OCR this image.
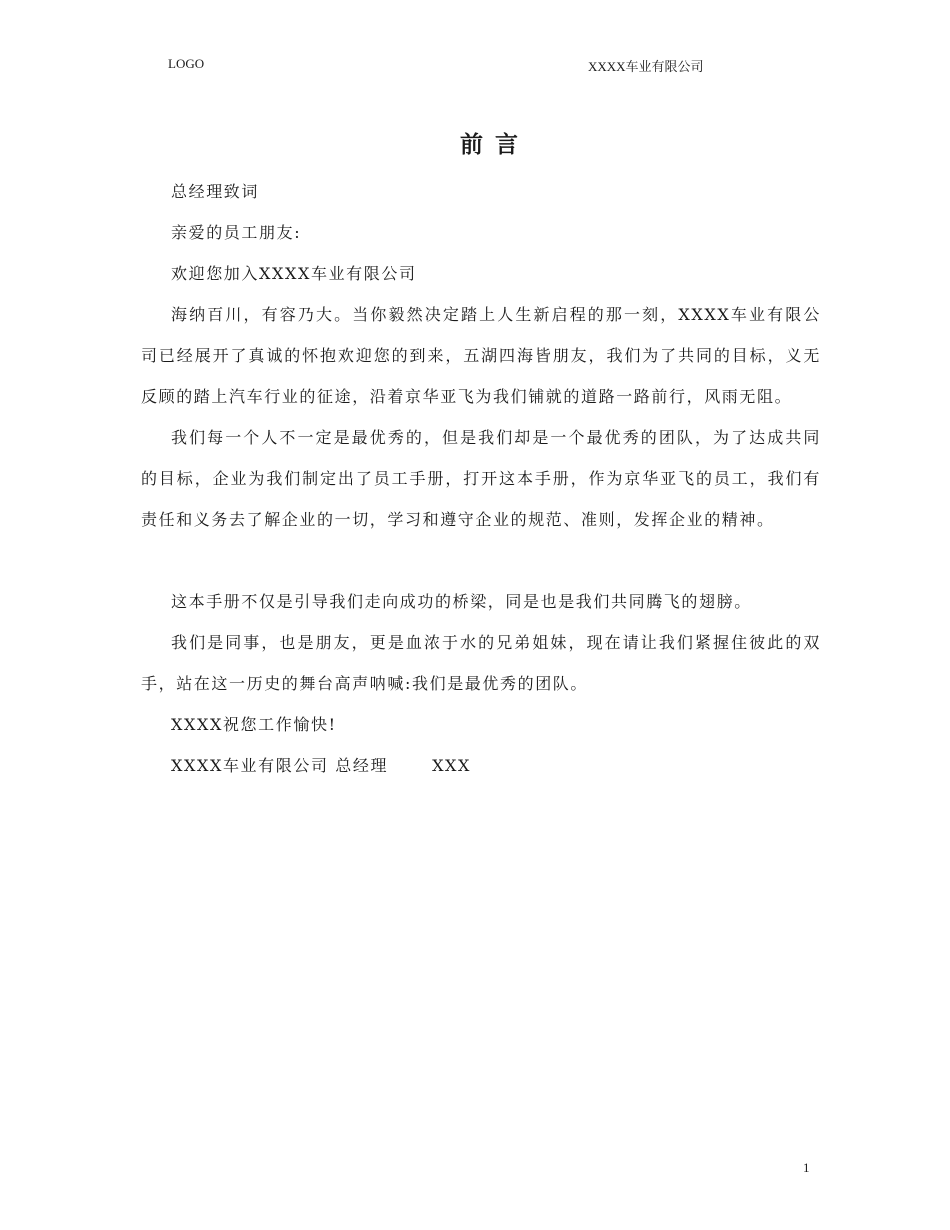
LOGO	XXXX车业有限公司
前言

总经理致词

亲爱的员工朋友:

欢迎您加入XXXX车业有限公司

海纳百川，有容乃大。当你毅然决定踏上人生新启程的那一刻，XXXX车业有限公司已经展开了真诚的怀抱欢迎您的到来，五湖四海皆朋友，我们为了共同的目标，义无反顾的踏上汽车行业的征途，沿着京华亚飞为我们铺就的道路一路前行，风雨无阻。

我们每一个人不一定是最优秀的，但是我们却是一个最优秀的团队，为了达成共同的目标，企业为我们制定出了员工手册，打开这本手册，作为京华亚飞的员工，我们有责任和义务去了解企业的一切，学习和遵守企业的规范、准则，发挥企业的精神。

这本手册不仅是引导我们走向成功的桥梁，同是也是我们共同腾飞的翅膀。

我们是同事，也是朋友，更是血浓于水的兄弟姐妹，现在请让我们紧握住彼此的双手，站在这一历史的舞台高声呐喊:我们是最优秀的团队。

XXXX祝您工作愉快!

XXXX车业有限公司 总经理	XXX

1
